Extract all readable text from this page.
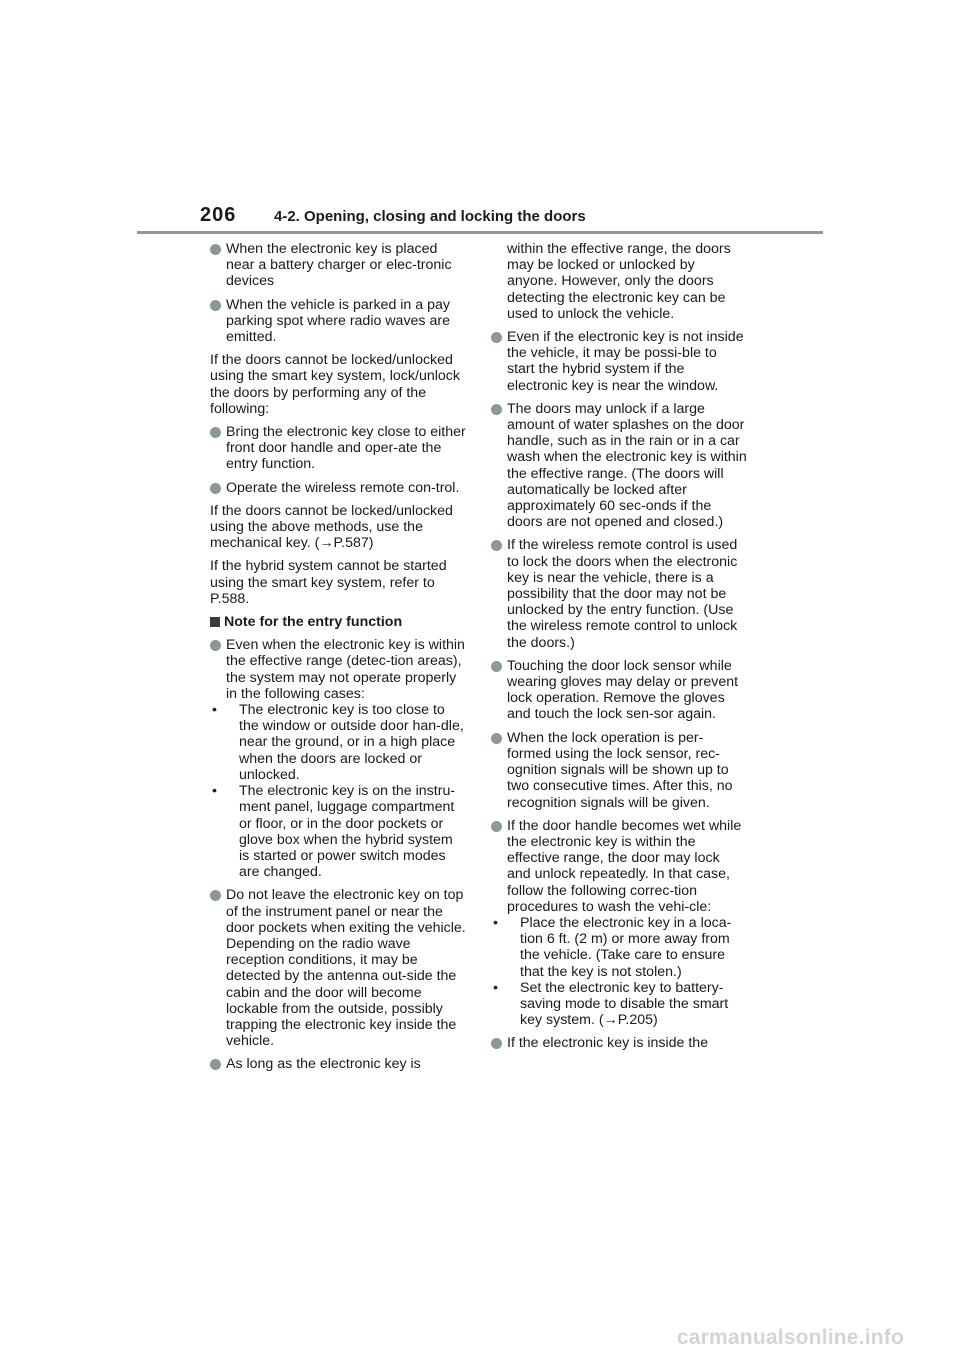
206	4-2. Opening, closing and locking the doors
When the electronic key is placed near a battery charger or elec-tronic devices
When the vehicle is parked in a pay parking spot where radio waves are emitted.
If the doors cannot be locked/unlocked using the smart key system, lock/unlock the doors by performing any of the following:
Bring the electronic key close to either front door handle and oper-ate the entry function.
Operate the wireless remote con-trol.
If the doors cannot be locked/unlocked using the above methods, use the mechanical key. (→P.587)
If the hybrid system cannot be started using the smart key system, refer to P.588.
Note for the entry function
Even when the electronic key is within the effective range (detec-tion areas), the system may not operate properly in the following cases:
• The electronic key is too close to the window or outside door han-dle, near the ground, or in a high place when the doors are locked or unlocked.
• The electronic key is on the instru-ment panel, luggage compartment or floor, or in the door pockets or glove box when the hybrid system is started or power switch modes are changed.
Do not leave the electronic key on top of the instrument panel or near the door pockets when exiting the vehicle. Depending on the radio wave reception conditions, it may be detected by the antenna out-side the cabin and the door will become lockable from the outside, possibly trapping the electronic key inside the vehicle.
As long as the electronic key is
within the effective range, the doors may be locked or unlocked by anyone. However, only the doors detecting the electronic key can be used to unlock the vehicle.
Even if the electronic key is not inside the vehicle, it may be possi-ble to start the hybrid system if the electronic key is near the window.
The doors may unlock if a large amount of water splashes on the door handle, such as in the rain or in a car wash when the electronic key is within the effective range. (The doors will automatically be locked after approximately 60 sec-onds if the doors are not opened and closed.)
If the wireless remote control is used to lock the doors when the electronic key is near the vehicle, there is a possibility that the door may not be unlocked by the entry function. (Use the wireless remote control to unlock the doors.)
Touching the door lock sensor while wearing gloves may delay or prevent lock operation. Remove the gloves and touch the lock sen-sor again.
When the lock operation is per-formed using the lock sensor, rec-ognition signals will be shown up to two consecutive times. After this, no recognition signals will be given.
If the door handle becomes wet while the electronic key is within the effective range, the door may lock and unlock repeatedly. In that case, follow the following correc-tion procedures to wash the vehi-cle:
• Place the electronic key in a loca-tion 6 ft. (2 m) or more away from the vehicle. (Take care to ensure that the key is not stolen.)
• Set the electronic key to battery-saving mode to disable the smart key system. (→P.205)
If the electronic key is inside the
carmanualsonline.info
